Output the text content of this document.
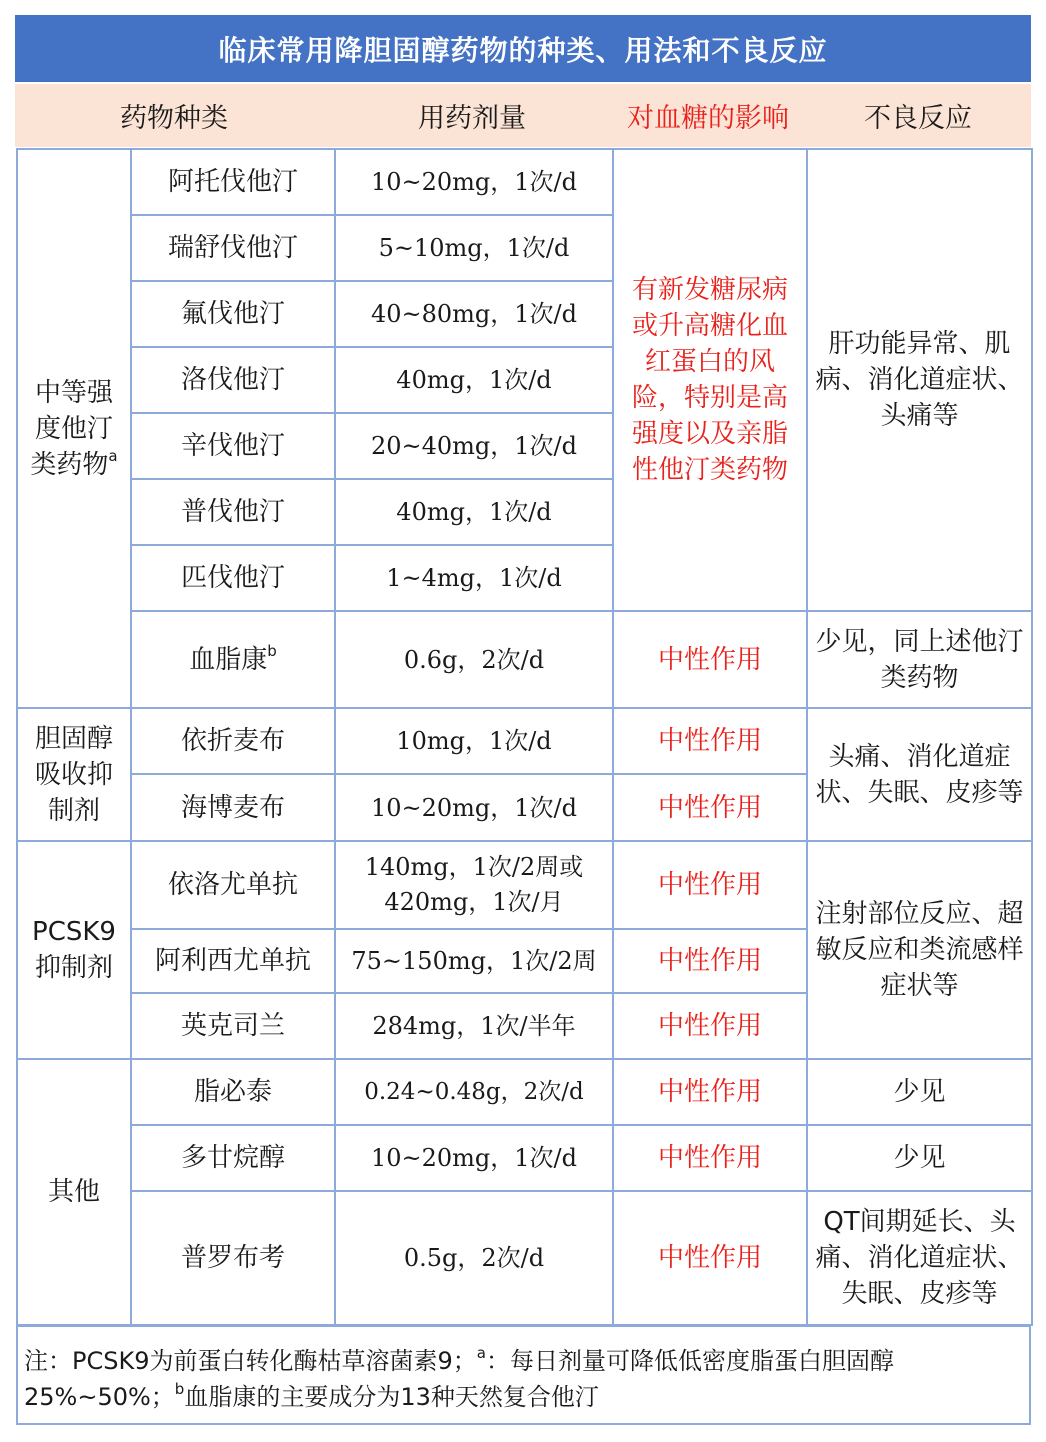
临床常用降胆固醇药物的种类、用法和不良反应
药物种类	用药剂量	对血糖的影响	不良反应
中等强度他汀类药物$^a$	阿托伐他汀	10~20mg，1次/d	有新发糖尿病或升高糖化血红蛋白的风险，特别是高强度以及亲脂性他汀类药物	肝功能异常、肌病、消化道症状、头痛等
	瑞舒伐他汀	5~10mg，1次/d		
	氟伐他汀	40~80mg，1次/d		
	洛伐他汀	40mg，1次/d		
	辛伐他汀	20~40mg，1次/d		
	普伐他汀	40mg，1次/d		
	匹伐他汀	1~4mg，1次/d		
	血脂康$^b$	0.6g，2次/d	中性作用	少见，同上述他汀类药物
胆固醇吸收抑制剂	依折麦布	10mg，1次/d	中性作用	头痛、消化道症状、失眠、皮疹等
	海博麦布	10~20mg，1次/d	中性作用	
PCSK9抑制剂	依洛尤单抗	140mg，1次/2周或420mg，1次/月	中性作用	注射部位反应、超敏反应和类流感样症状等
	阿利西尤单抗	75~150mg，1次/2周	中性作用	
	英克司兰	284mg，1次/半年	中性作用	
其他	脂必泰	0.24~0.48g，2次/d	中性作用	少见
	多廿烷醇	10~20mg，1次/d	中性作用	少见
	普罗布考	0.5g，2次/d	中性作用	QT间期延长、头痛、消化道症状、失眠、皮疹等
注：PCSK9为前蛋白转化酶枯草溶菌素9；$^a$：每日剂量可降低低密度脂蛋白胆固醇25%~50%；$^b$血脂康的主要成分为13种天然复合他汀
